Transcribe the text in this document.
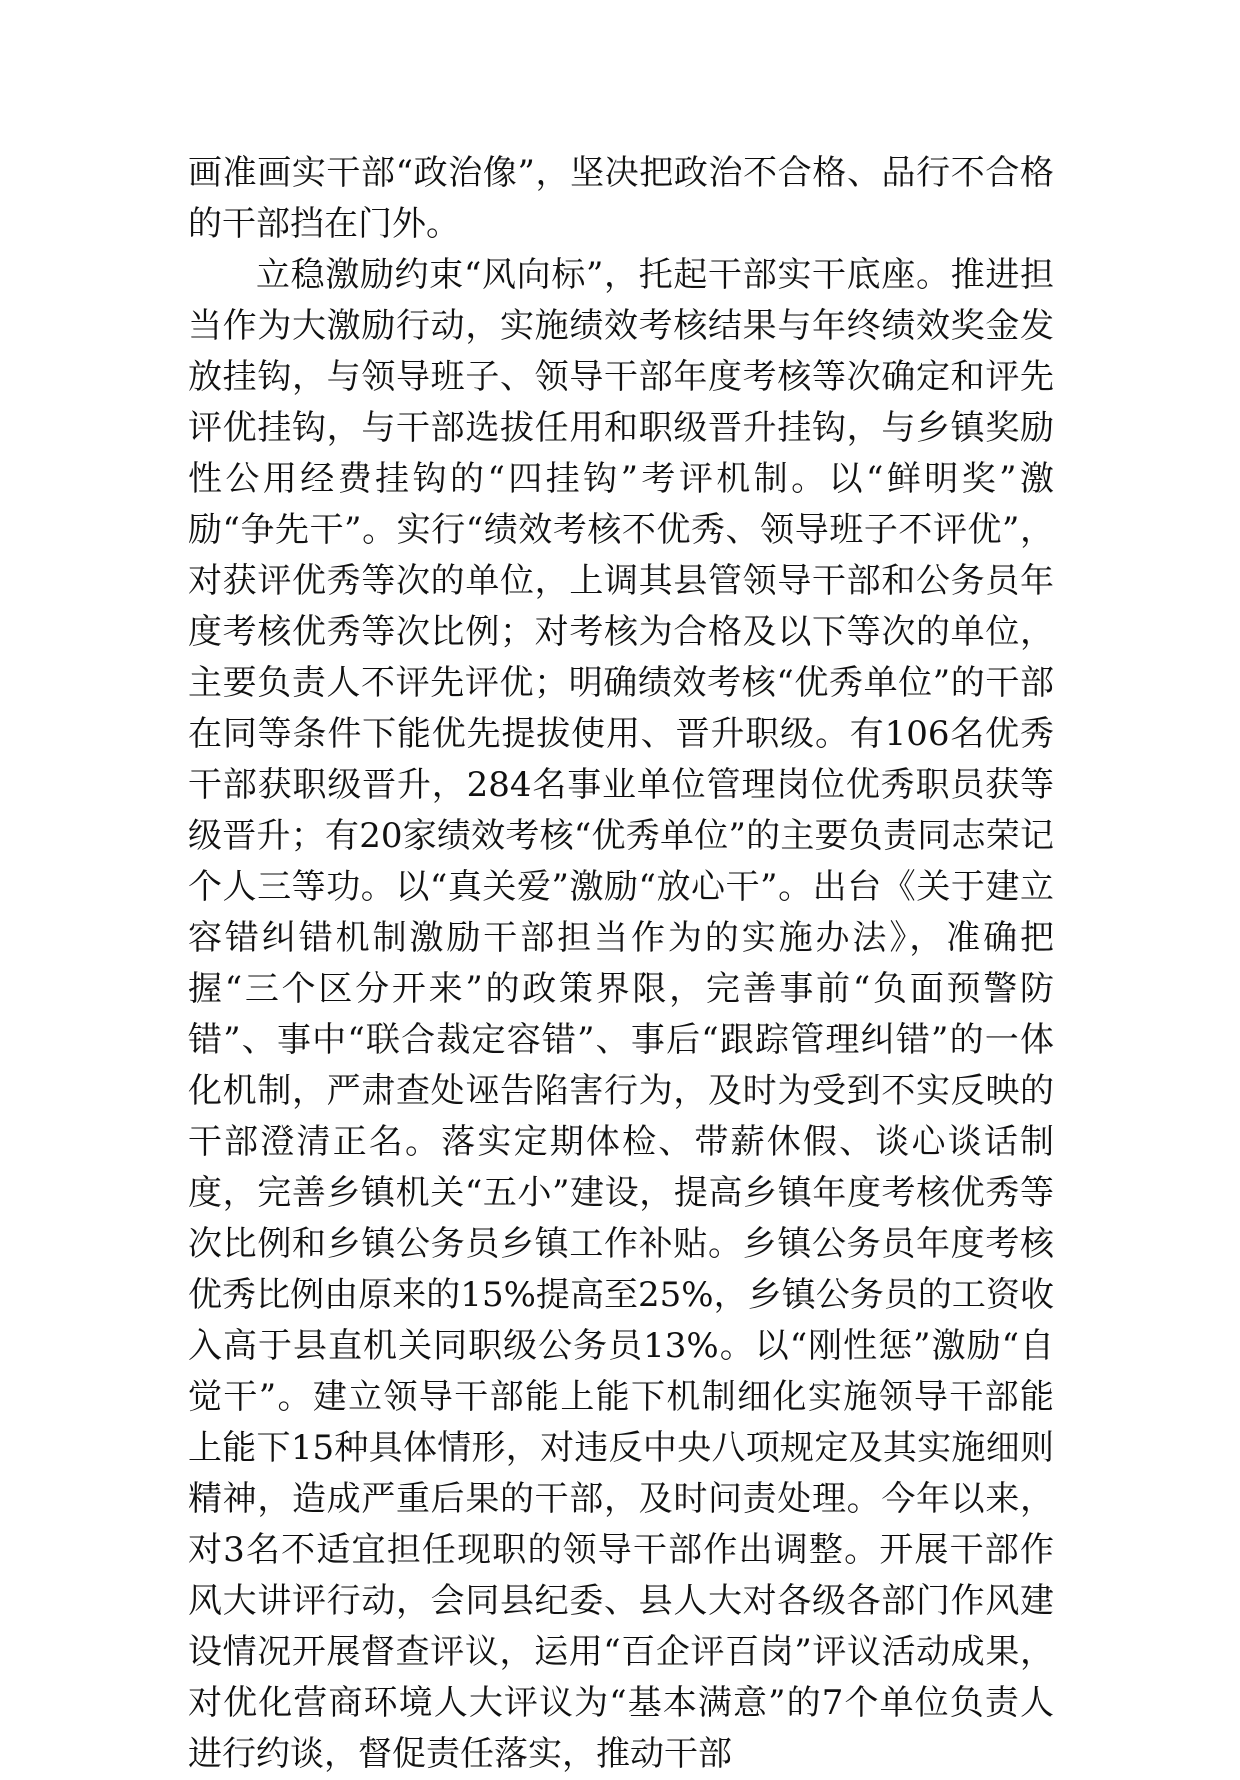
画准画实干部“政治像”，坚决把政治不合格、品行不合格的干部挡在门外。

立稳激励约束“风向标”，托起干部实干底座。推进担当作为大激励行动，实施绩效考核结果与年终绩效奖金发放挂钩，与领导班子、领导干部年度考核等次确定和评先评优挂钩，与干部选拔任用和职级晋升挂钩，与乡镇奖励性公用经费挂钩的“四挂钩”考评机制。以“鲜明奖”激励“争先干”。实行“绩效考核不优秀、领导班子不评优”，对获评优秀等次的单位，上调其县管领导干部和公务员年度考核优秀等次比例；对考核为合格及以下等次的单位，主要负责人不评先评优；明确绩效考核“优秀单位”的干部在同等条件下能优先提拔使用、晋升职级。有106名优秀干部获职级晋升，284名事业单位管理岗位优秀职员获等级晋升；有20家绩效考核“优秀单位”的主要负责同志荣记个人三等功。以“真关爱”激励“放心干”。出台《关于建立容错纠错机制激励干部担当作为的实施办法》，准确把握“三个区分开来”的政策界限，完善事前“负面预警防错”、事中“联合裁定容错”、事后“跟踪管理纠错”的一体化机制，严肃查处诬告陷害行为，及时为受到不实反映的干部澄清正名。落实定期体检、带薪休假、谈心谈话制度，完善乡镇机关“五小”建设，提高乡镇年度考核优秀等次比例和乡镇公务员乡镇工作补贴。乡镇公务员年度考核优秀比例由原来的15%提高至25%，乡镇公务员的工资收入高于县直机关同职级公务员13%。以“刚性惩”激励“自觉干”。建立领导干部能上能下机制细化实施领导干部能上能下15种具体情形，对违反中央八项规定及其实施细则精神，造成严重后果的干部，及时问责处理。今年以来，对3名不适宜担任现职的领导干部作出调整。开展干部作风大讲评行动，会同县纪委、县人大对各级各部门作风建设情况开展督查评议，运用“百企评百岗”评议活动成果，对优化营商环境人大评议为“基本满意”的7个单位负责人进行约谈，督促责任落实，推动干部
